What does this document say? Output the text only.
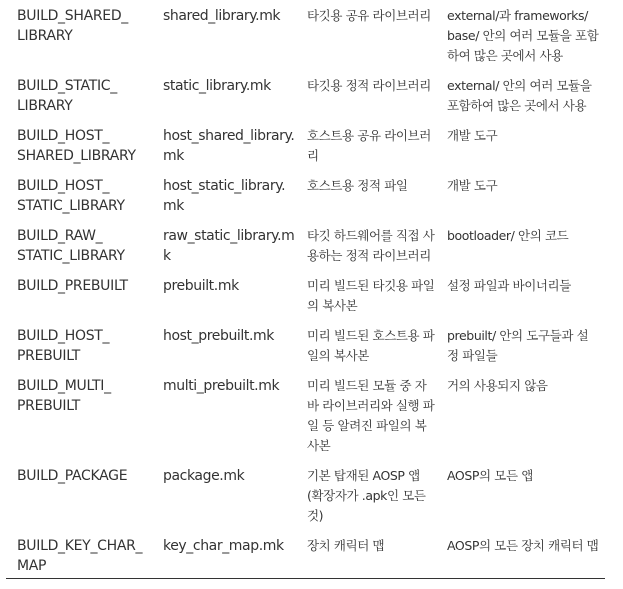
BUILD_SHARED_ LIBRARY	shared_library.mk	타깃용 공유 라이브러리	external/과 frameworks/ base/ 안의 여러 모듈을 포함하여 많은 곳에서 사용
BUILD_STATIC_ LIBRARY	static_library.mk	타깃용 정적 라이브러리	external/ 안의 여러 모듈을 포함하여 많은 곳에서 사용
BUILD_HOST_ SHARED_LIBRARY	host_shared_library. mk	호스트용 공유 라이브러리	개발 도구
BUILD_HOST_ STATIC_LIBRARY	host_static_library. mk	호스트용 정적 파일	개발 도구
BUILD_RAW_ STATIC_LIBRARY	raw_static_library.mk	타깃 하드웨어를 직접 사용하는 정적 라이브러리	bootloader/ 안의 코드
BUILD_PREBUILT	prebuilt.mk	미리 빌드된 타깃용 파일의 복사본	설정 파일과 바이너리들
BUILD_HOST_ PREBUILT	host_prebuilt.mk	미리 빌드된 호스트용 파일의 복사본	prebuilt/ 안의 도구들과 설정 파일들
BUILD_MULTI_ PREBUILT	multi_prebuilt.mk	미리 빌드된 모듈 중 자바 라이브러리와 실행 파일 등 알려진 파일의 복사본	거의 사용되지 않음
BUILD_PACKAGE	package.mk	기본 탑재된 AOSP 앱 (확장자가 .apk인 모든 것)	AOSP의 모든 앱
BUILD_KEY_CHAR_ MAP	key_char_map.mk	장치 캐릭터 맵	AOSP의 모든 장치 캐릭터 맵
